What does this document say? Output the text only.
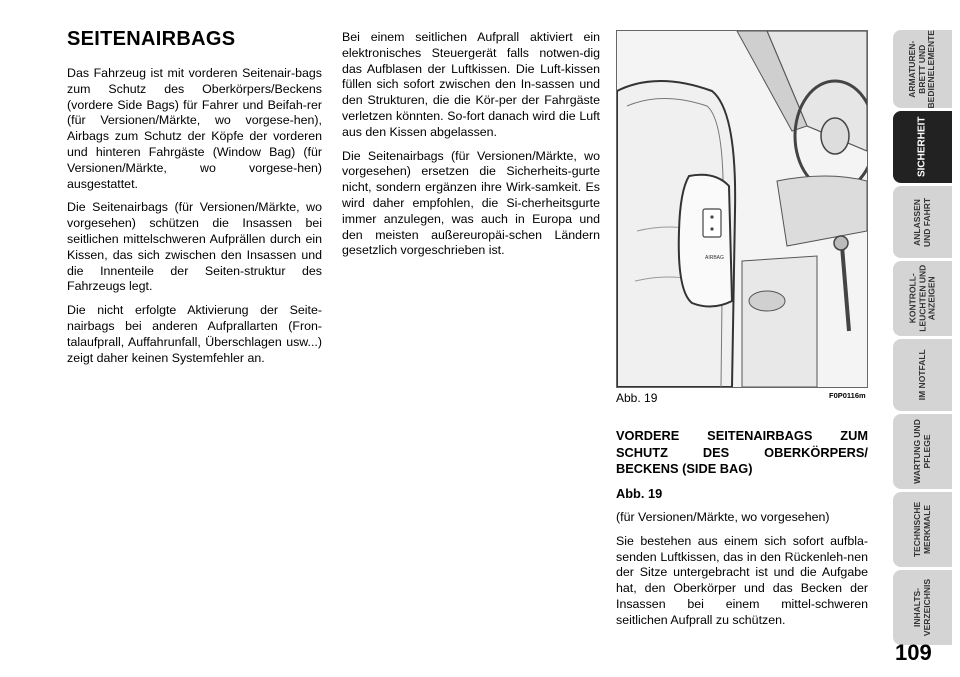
SEITENAIRBAGS

Das Fahrzeug ist mit vorderen Seitenair-bags zum Schutz des Oberkörpers/Beckens (vordere Side Bags) für Fahrer und Beifah-rer (für Versionen/Märkte, wo vorgese-hen), Airbags zum Schutz der Köpfe der vorderen und hinteren Fahrgäste (Window Bag) (für Versionen/Märkte, wo vorgese-hen) ausgestattet.

Die Seitenairbags (für Versionen/Märkte, wo vorgesehen) schützen die Insassen bei seitlichen mittelschweren Aufprällen durch ein Kissen, das sich zwischen den Insassen und die Innenteile der Seiten-struktur des Fahrzeugs legt.

Die nicht erfolgte Aktivierung der Seite-nairbags bei anderen Aufprallarten (Fron-talaufprall, Auffahrunfall, Überschlagen usw...) zeigt daher keinen Systemfehler an.

Bei einem seitlichen Aufprall aktiviert ein elektronisches Steuergerät falls notwen-dig das Aufblasen der Luftkissen. Die Luft-kissen füllen sich sofort zwischen den In-sassen und den Strukturen, die die Kör-per der Fahrgäste verletzen könnten. So-fort danach wird die Luft aus den Kissen abgelassen.

Die Seitenairbags (für Versionen/Märkte, wo vorgesehen) ersetzen die Sicherheits-gurte nicht, sondern ergänzen ihre Wirk-samkeit. Es wird daher empfohlen, die Si-cherheitsgurte immer anzulegen, was auch in Europa und den meisten außereuropäi-schen Ländern gesetzlich vorgeschrieben ist.

AIRBAG
Abb. 19	F0P0116m

VORDERE SEITENAIRBAGS ZUM SCHUTZ DES OBERKÖRPERS/ BECKENS (SIDE BAG)

Abb. 19

(für Versionen/Märkte, wo vorgesehen)

Sie bestehen aus einem sich sofort aufbla-senden Luftkissen, das in den Rückenleh-nen der Sitze untergebracht ist und die Aufgabe hat, den Oberkörper und das Becken der Insassen bei einem mittel-schweren seitlichen Aufprall zu schützen.

ARMATUREN-
BRETT UND
BEDIENELEMENTE
SICHERHEIT
ANLASSEN
UND FAHRT
KONTROLL-
LEUCHTEN UND
ANZEIGEN
IM NOTFALL
WARTUNG UND
PFLEGE
TECHNISCHE
MERKMALE
INHALTS-
VERZEICHNIS
109
